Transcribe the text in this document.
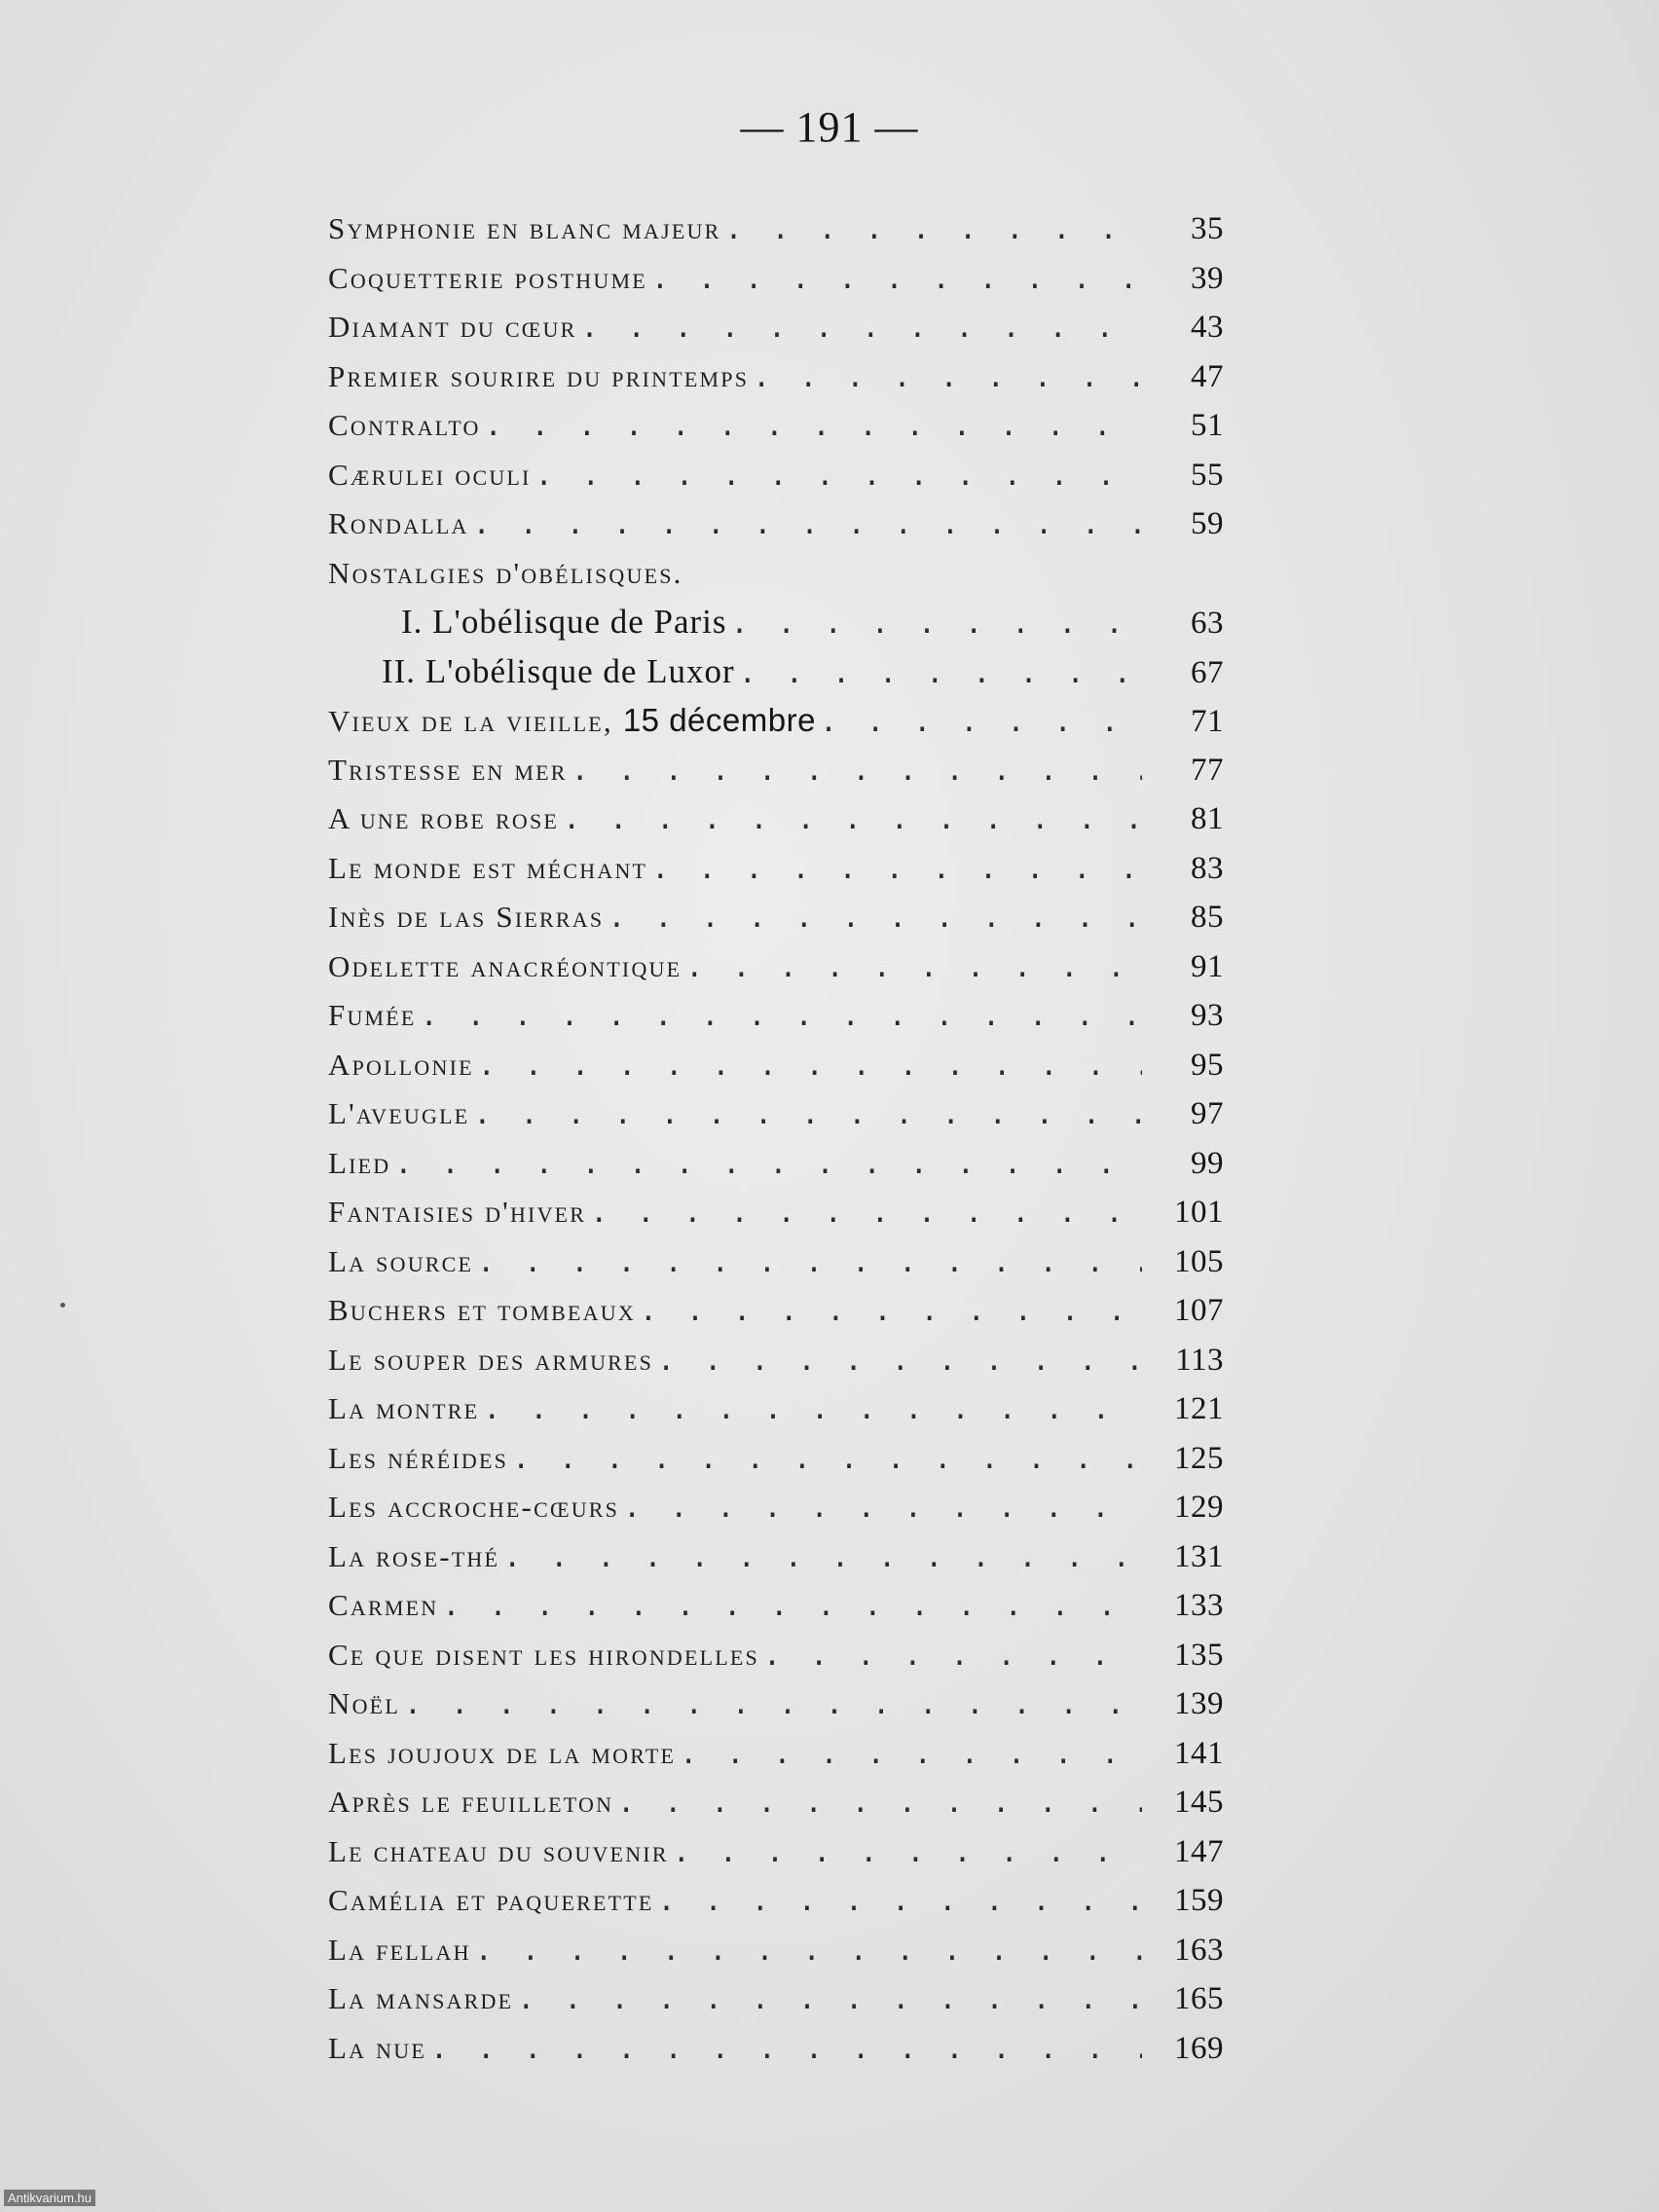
— 191 —
Symphonie en blanc majeur . . .	35
Coquetterie posthume . . .	39
Diamant du cœur . . .	43
Premier sourire du printemps . . .	47
Contralto . . .	51
Cærulei oculi . . .	55
Rondalla . . .	59
Nostalgies d'obélisques.
I. L'obélisque de Paris . . .	63
II. L'obélisque de Luxor . . .	67
Vieux de la vieille, 15 décembre . . .	71
Tristesse en mer . . .	77
A une robe rose . . .	81
Le monde est méchant . . .	83
Inès de las Sierras . . .	85
Odelette anacréontique . . .	91
Fumée . . .	93
Apollonie . . .	95
L'aveugle . . .	97
Lied . . .	99
Fantaisies d'hiver . . .	101
La source . . .	105
Buchers et tombeaux . . .	107
Le souper des armures . . .	113
La montre . . .	121
Les néréides . . .	125
Les accroche-cœurs . . .	129
La rose-thé . . .	131
Carmen . . .	133
Ce que disent les hirondelles . . .	135
Noël . . .	139
Les joujoux de la morte . . .	141
Après le feuilleton . . .	145
Le chateau du souvenir . . .	147
Camélia et paquerette . . .	159
La fellah . . .	163
La mansarde . . .	165
La nue . . .	169
Antikvarium.hu
